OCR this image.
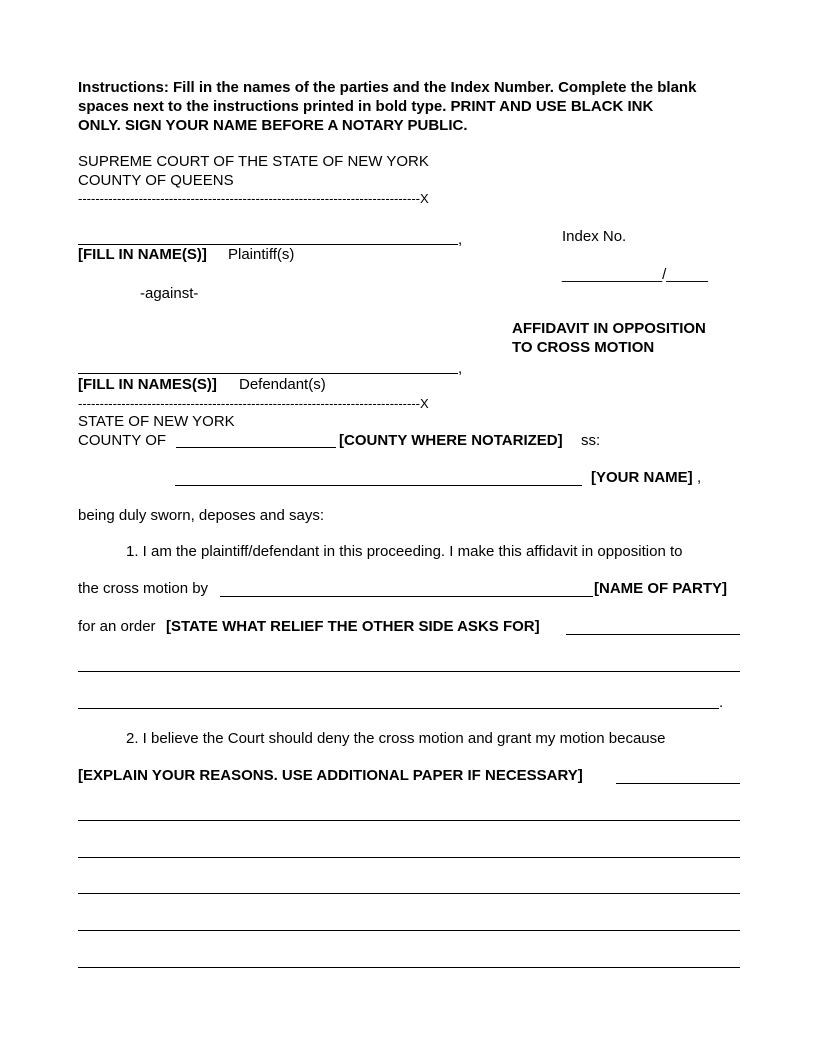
Instructions: Fill in the names of the parties and the Index Number. Complete the blank
spaces next to the instructions printed in bold type. PRINT AND USE BLACK INK
ONLY. SIGN YOUR NAME BEFORE A NOTARY PUBLIC.
SUPREME COURT OF THE STATE OF NEW YORK
COUNTY OF QUEENS
-------------------------------------------------------------------------------X
,	Index No.
[FILL IN NAME(S)] Plaintiff(s)
____________/_____
-against-
AFFIDAVIT IN OPPOSITION
TO CROSS MOTION
,
[FILL IN NAMES(S)] Defendant(s)
-------------------------------------------------------------------------------X
STATE OF NEW YORK
COUNTY OF	[COUNTY WHERE NOTARIZED] ss:
[YOUR NAME] ,
being duly sworn, deposes and says:
1. I am the plaintiff/defendant in this proceeding. I make this affidavit in opposition to
the cross motion by	[NAME OF PARTY]
for an order [STATE WHAT RELIEF THE OTHER SIDE ASKS FOR]
.
2. I believe the Court should deny the cross motion and grant my motion because
[EXPLAIN YOUR REASONS. USE ADDITIONAL PAPER IF NECESSARY]
